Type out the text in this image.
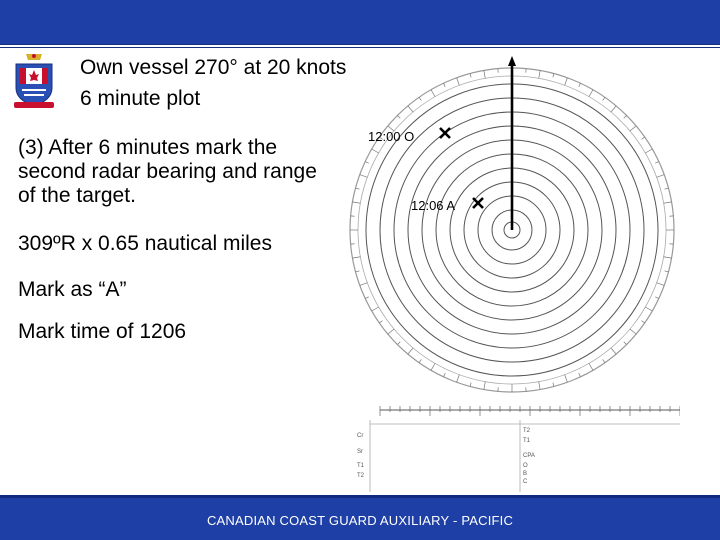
Own vessel 270° at 20 knots
6 minute plot
(3) After 6 minutes mark the second radar bearing and range of the target.
309ºR x 0.65 nautical miles
Mark as “A”
Mark time of 1206
Cr
Sr
T1
T2
T2
T1
CPA
O
B
C
12:00 O
12:06 A
CANADIAN COAST GUARD AUXILIARY - PACIFIC
